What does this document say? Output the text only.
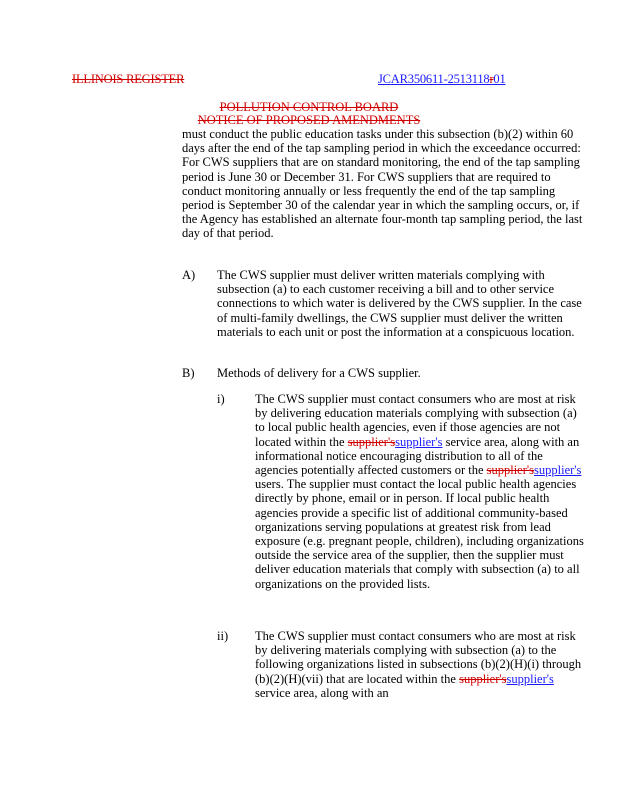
ILLINOIS REGISTER	JCAR350611-2513118r01
POLLUTION CONTROL BOARD
NOTICE OF PROPOSED AMENDMENTS
must conduct the public education tasks under this subsection (b)(2) within 60 days after the end of the tap sampling period in which the exceedance occurred: For CWS suppliers that are on standard monitoring, the end of the tap sampling period is June 30 or December 31. For CWS suppliers that are required to conduct monitoring annually or less frequently the end of the tap sampling period is September 30 of the calendar year in which the sampling occurs, or, if the Agency has established an alternate four-month tap sampling period, the last day of that period.
A) The CWS supplier must deliver written materials complying with subsection (a) to each customer receiving a bill and to other service connections to which water is delivered by the CWS supplier. In the case of multi-family dwellings, the CWS supplier must deliver the written materials to each unit or post the information at a conspicuous location.
B) Methods of delivery for a CWS supplier.
i) The CWS supplier must contact consumers who are most at risk by delivering education materials complying with subsection (a) to local public health agencies, even if those agencies are not located within the supplier'ssupplier's service area, along with an informational notice encouraging distribution to all of the agencies potentially affected customers or the supplier'ssupplier's users. The supplier must contact the local public health agencies directly by phone, email or in person. If local public health agencies provide a specific list of additional community-based organizations serving populations at greatest risk from lead exposure (e.g. pregnant people, children), including organizations outside the service area of the supplier, then the supplier must deliver education materials that comply with subsection (a) to all organizations on the provided lists.
ii) The CWS supplier must contact consumers who are most at risk by delivering materials complying with subsection (a) to the following organizations listed in subsections (b)(2)(H)(i) through (b)(2)(H)(vii) that are located within the supplier'ssupplier's service area, along with an
